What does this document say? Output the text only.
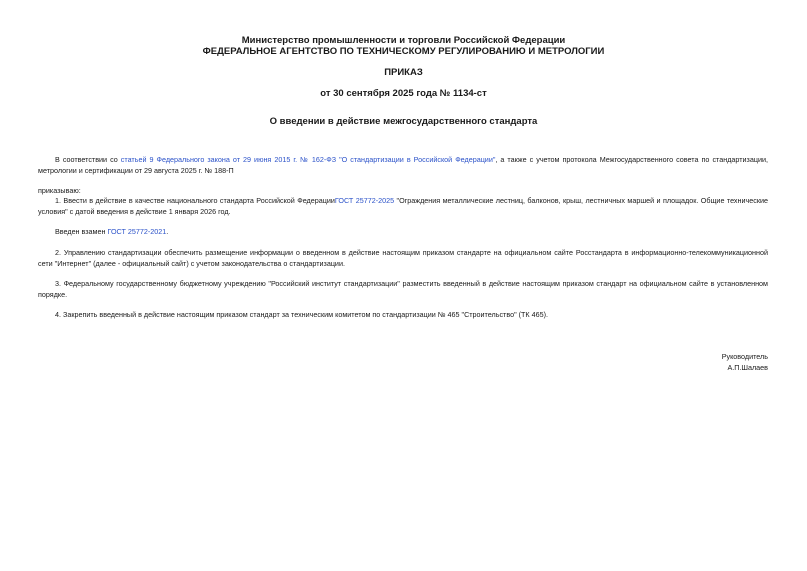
Министерство промышленности и торговли Российской Федерации
ФЕДЕРАЛЬНОЕ АГЕНТСТВО ПО ТЕХНИЧЕСКОМУ РЕГУЛИРОВАНИЮ И МЕТРОЛОГИИ
ПРИКАЗ
от 30 сентября 2025 года № 1134-ст
О введении в действие межгосударственного стандарта
В соответствии со статьей 9 Федерального закона от 29 июня 2015 г. № 162-ФЗ "О стандартизации в Российской Федерации", а также с учетом протокола Межгосударственного совета по стандартизации, метрологии и сертификации от 29 августа 2025 г. № 188-П
приказываю:
1. Ввести в действие в качестве национального стандарта Российской ФедерацииГОСТ 25772-2025 "Ограждения металлические лестниц, балконов, крыш, лестничных маршей и площадок. Общие технические условия" с датой введения в действие 1 января 2026 год.
Введен взамен ГОСТ 25772-2021.
2. Управлению стандартизации обеспечить размещение информации о введенном в действие настоящим приказом стандарте на официальном сайте Росстандарта в информационно-телекоммуникационной сети "Интернет" (далее - официальный сайт) с учетом законодательства о стандартизации.
3. Федеральному государственному бюджетному учреждению "Российский институт стандартизации" разместить введенный в действие настоящим приказом стандарт на официальном сайте в установленном порядке.
4. Закрепить введенный в действие настоящим приказом стандарт за техническим комитетом по стандартизации № 465 "Строительство" (ТК 465).
Руководитель
А.П.Шалаев
